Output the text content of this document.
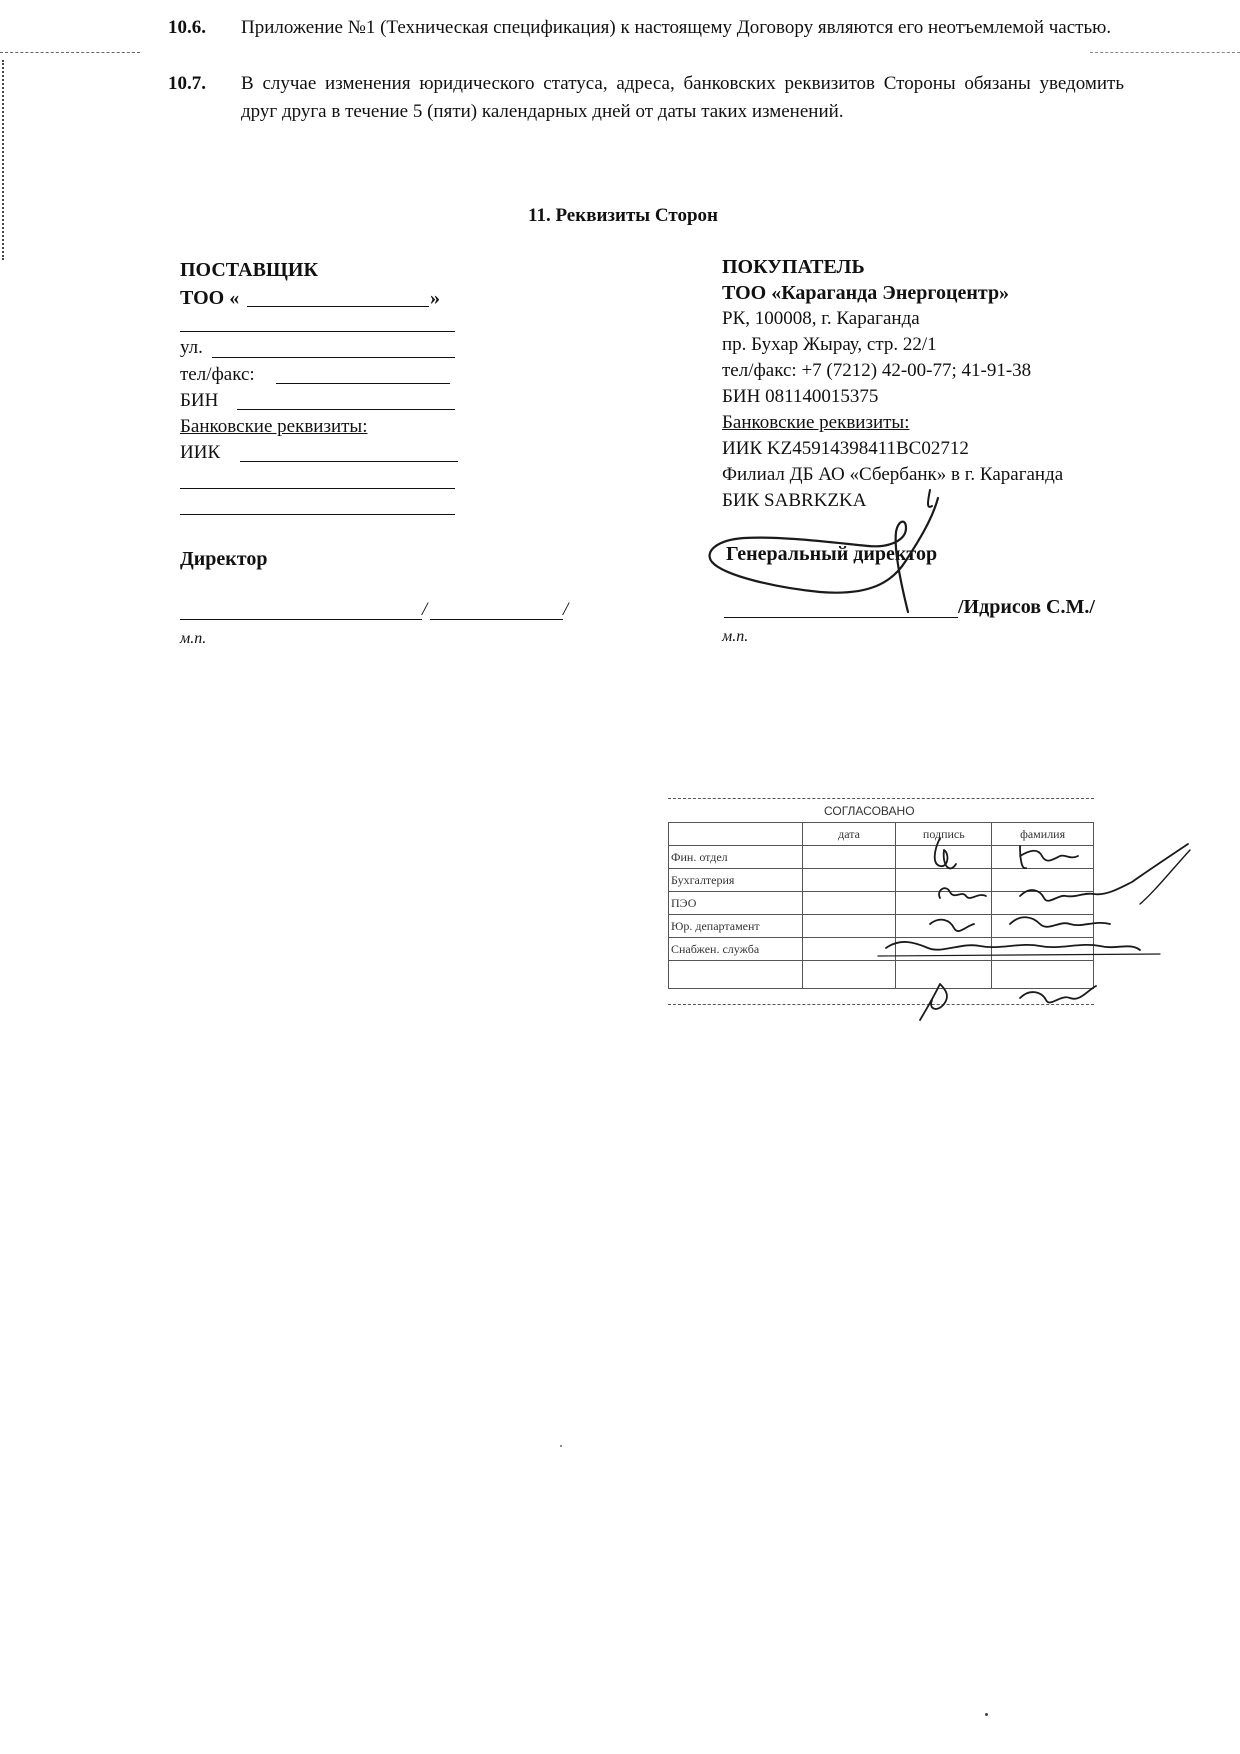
10.6. Приложение №1 (Техническая спецификация) к настоящему Договору являются его неотъемлемой частью.
10.7. В случае изменения юридического статуса, адреса, банковских реквизитов Стороны обязаны уведомить друг друга в течение 5 (пяти) календарных дней от даты таких изменений.
11. Реквизиты Сторон
ПОСТАВЩИК
ТОО «	»
ул.
тел/факс:
БИН
Банковские реквизиты:
ИИК
Директор
/	/
м.п.
ПОКУПАТЕЛЬ
ТОО «Караганда Энергоцентр»
РК, 100008, г. Караганда
пр. Бухар Жырау, стр. 22/1
тел/факс: +7 (7212) 42-00-77; 41-91-38
БИН 081140015375
Банковские реквизиты:
ИИК KZ45914398411BC02712
Филиал ДБ АО «Сбербанк» в г. Караганда
БИК SABRKZKA
Генеральный директор
/Идрисов С.М./
м.п.
СОГЛАСОВАНО
	дата	подпись	фамилия
Фин. отдел			
Бухгалтерия			
ПЭО			
Юр. департамент			
Снабжен. служба			
